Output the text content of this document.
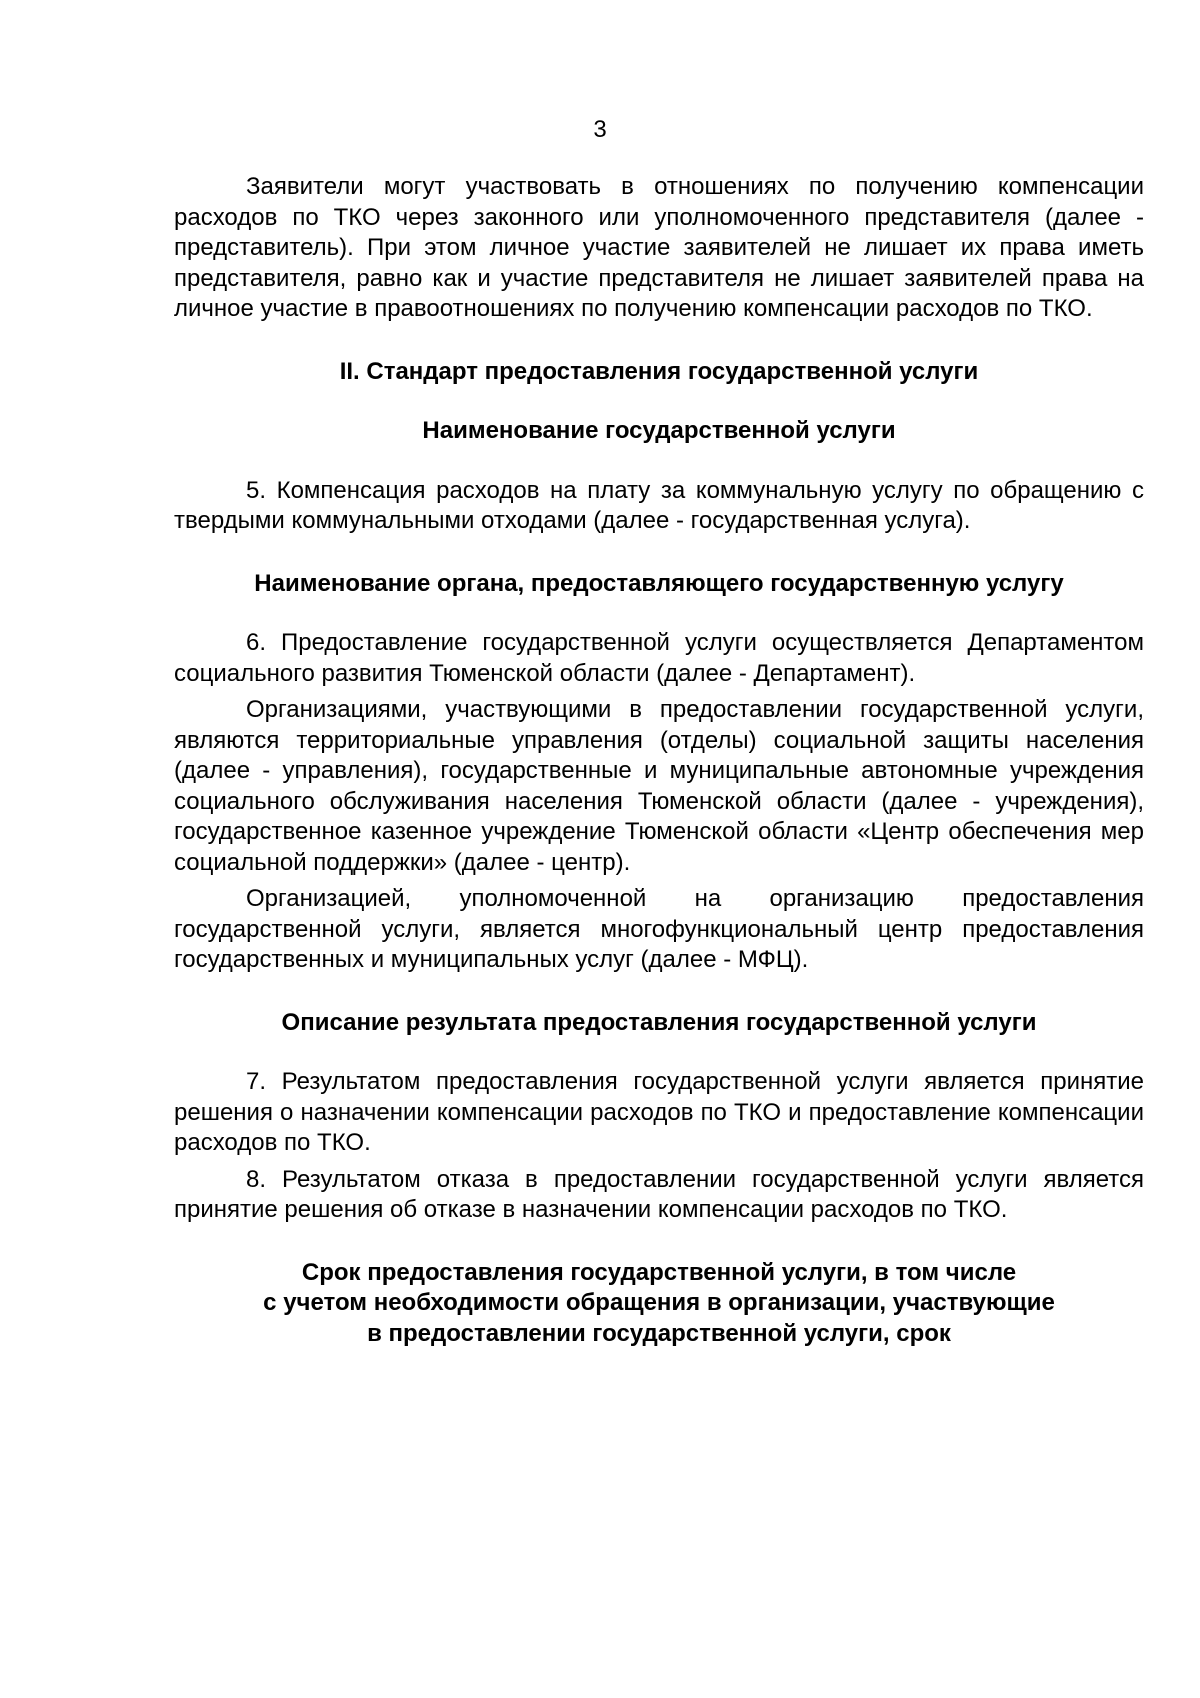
3

Заявители могут участвовать в отношениях по получению компенсации расходов по ТКО через законного или уполномоченного представителя (далее - представитель). При этом личное участие заявителей не лишает их права иметь представителя, равно как и участие представителя не лишает заявителей права на личное участие в правоотношениях по получению компенсации расходов по ТКО.

II. Стандарт предоставления государственной услуги
Наименование государственной услуги

5. Компенсация расходов на плату за коммунальную услугу по обращению с твердыми коммунальными отходами (далее - государственная услуга).

Наименование органа, предоставляющего государственную услугу

6. Предоставление государственной услуги осуществляется Департаментом социального развития Тюменской области (далее - Департамент).

Организациями, участвующими в предоставлении государственной услуги, являются территориальные управления (отделы) социальной защиты населения (далее - управления), государственные и муниципальные автономные учреждения социального обслуживания населения Тюменской области (далее - учреждения), государственное казенное учреждение Тюменской области «Центр обеспечения мер социальной поддержки» (далее - центр).

Организацией, уполномоченной на организацию предоставления государственной услуги, является многофункциональный центр предоставления государственных и муниципальных услуг (далее - МФЦ).

Описание результата предоставления государственной услуги

7. Результатом предоставления государственной услуги является принятие решения о назначении компенсации расходов по ТКО и предоставление компенсации расходов по ТКО.

8. Результатом отказа в предоставлении государственной услуги является принятие решения об отказе в назначении компенсации расходов по ТКО.

Срок предоставления государственной услуги, в том числе
с учетом необходимости обращения в организации, участвующие
в предоставлении государственной услуги, срок
